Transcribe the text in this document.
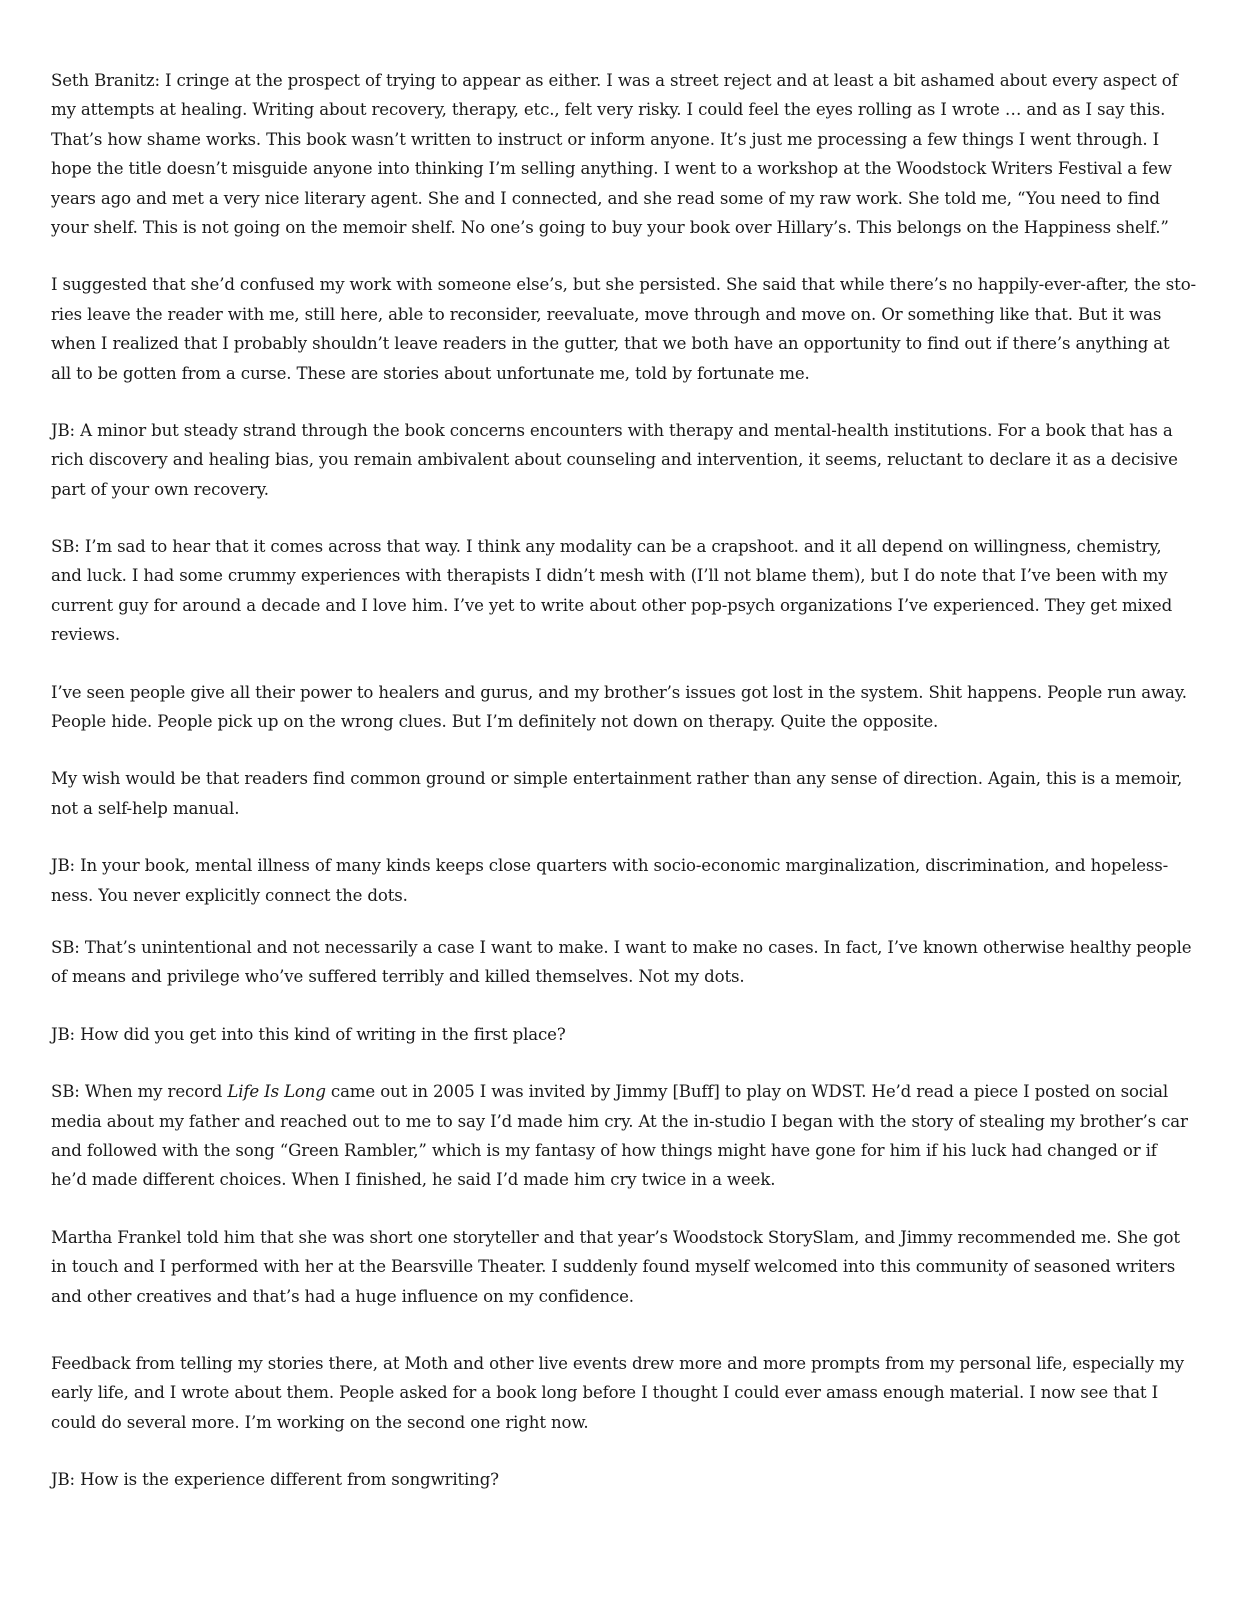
Seth Branitz: I cringe at the prospect of trying to appear as either. I was a street reject and at least a bit ashamed about every aspect of
my attempts at healing. Writing about recovery, therapy, etc., felt very risky. I could feel the eyes rolling as I wrote … and as I say this.
That’s how shame works. This book wasn’t written to instruct or inform anyone. It’s just me processing a few things I went through. I
hope the title doesn’t misguide anyone into thinking I’m selling anything. I went to a workshop at the Woodstock Writers Festival a few
years ago and met a very nice literary agent. She and I connected, and she read some of my raw work. She told me, “You need to find
your shelf. This is not going on the memoir shelf. No one’s going to buy your book over Hillary’s. This belongs on the Happiness shelf.”

I suggested that she’d confused my work with someone else’s, but she persisted. She said that while there’s no happily-ever-after, the sto-
ries leave the reader with me, still here, able to reconsider, reevaluate, move through and move on. Or something like that. But it was
when I realized that I probably shouldn’t leave readers in the gutter, that we both have an opportunity to find out if there’s anything at
all to be gotten from a curse. These are stories about unfortunate me, told by fortunate me.

JB: A minor but steady strand through the book concerns encounters with therapy and mental-health institutions. For a book that has a
rich discovery and healing bias, you remain ambivalent about counseling and intervention, it seems, reluctant to declare it as a decisive
part of your own recovery.

SB: I’m sad to hear that it comes across that way. I think any modality can be a crapshoot. and it all depend on willingness, chemistry,
and luck. I had some crummy experiences with therapists I didn’t mesh with (I’ll not blame them), but I do note that I’ve been with my
current guy for around a decade and I love him. I’ve yet to write about other pop-psych organizations I’ve experienced. They get mixed
reviews.

I’ve seen people give all their power to healers and gurus, and my brother’s issues got lost in the system. Shit happens. People run away.
People hide. People pick up on the wrong clues. But I’m definitely not down on therapy. Quite the opposite.

My wish would be that readers find common ground or simple entertainment rather than any sense of direction. Again, this is a memoir,
not a self-help manual.

JB: In your book, mental illness of many kinds keeps close quarters with socio-economic marginalization, discrimination, and hopeless-
ness. You never explicitly connect the dots.

SB: That’s unintentional and not necessarily a case I want to make. I want to make no cases. In fact, I’ve known otherwise healthy people
of means and privilege who’ve suffered terribly and killed themselves. Not my dots.

JB: How did you get into this kind of writing in the first place?

SB: When my record Life Is Long came out in 2005 I was invited by Jimmy [Buff] to play on WDST. He’d read a piece I posted on social
media about my father and reached out to me to say I’d made him cry. At the in-studio I began with the story of stealing my brother’s car
and followed with the song “Green Rambler,” which is my fantasy of how things might have gone for him if his luck had changed or if
he’d made different choices. When I finished, he said I’d made him cry twice in a week.

Martha Frankel told him that she was short one storyteller and that year’s Woodstock StorySlam, and Jimmy recommended me. She got
in touch and I performed with her at the Bearsville Theater. I suddenly found myself welcomed into this community of seasoned writers
and other creatives and that’s had a huge influence on my confidence.

Feedback from telling my stories there, at Moth and other live events drew more and more prompts from my personal life, especially my
early life, and I wrote about them. People asked for a book long before I thought I could ever amass enough material. I now see that I
could do several more. I’m working on the second one right now.

JB: How is the experience different from songwriting?
